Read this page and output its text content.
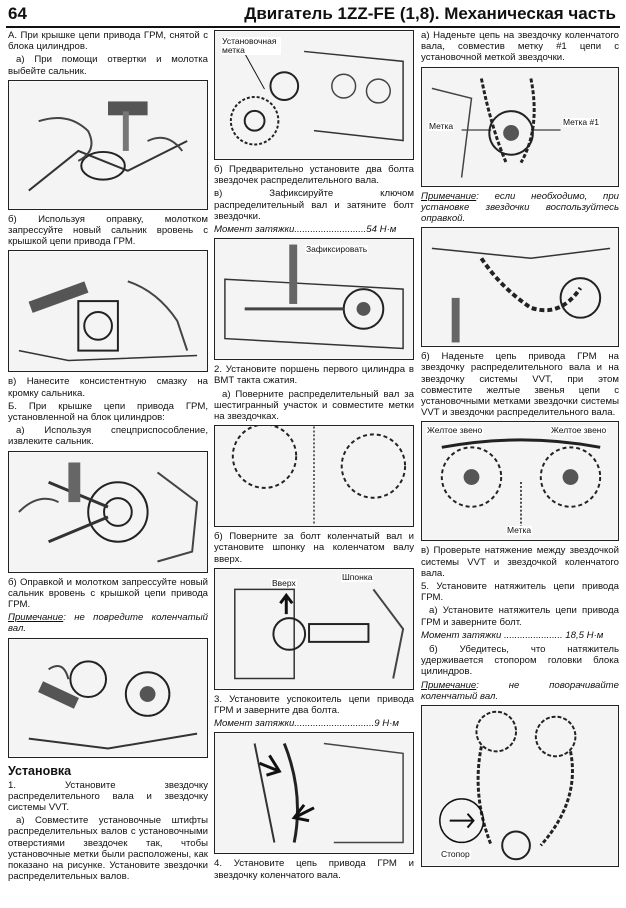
64	Двигатель 1ZZ-FE (1,8). Механическая часть

А. При крышке цепи привода ГРМ, снятой с блока цилиндров.

а) При помощи отвертки и молотка выбейте сальник.

б) Используя оправку, молотком запрессуйте новый сальник вровень с крышкой цепи привода ГРМ.

в) Нанесите консистентную смазку на кромку сальника.

Б. При крышке цепи привода ГРМ, установленной на блок цилиндров:

а) Используя спецприспособление, извлеките сальник.

б) Оправкой и молотком запрессуйте новый сальник вровень с крышкой цепи привода ГРМ.

Примечание: не повредите коленчатый вал.

Установка

1. Установите звездочку распределительного вала и звездочку системы VVT.

а) Совместите установочные штифты распределительных валов с установочными отверстиями звездочек так, чтобы установочные метки были расположены, как показано на рисунке. Установите звездочки распределительных валов.

Установочная метка

б) Предварительно установите два болта звездочек распределительного вала.

в) Зафиксируйте ключом распределительный вал и затяните болт звездочки.

Момент затяжки...........................54 Н·м

Зафиксировать

2. Установите поршень первого цилиндра в ВМТ такта сжатия.

а) Поверните распределительный вал за шестигранный участок и совместите метки на звездочках.

б) Поверните за болт коленчатый вал и установите шпонку на коленчатом валу вверх.

Вверх
Шпонка

3. Установите успокоитель цепи привода ГРМ и заверните два болта.

Момент затяжки..............................9 Н·м

4. Установите цепь привода ГРМ и звездочку коленчатого вала.

а) Наденьте цепь на звездочку коленчатого вала, совместив метку #1 цепи с установочной меткой звездочки.

Метка	Метка #1

Примечание: если необходимо, при установке звездочки воспользуйтесь оправкой.

б) Наденьте цепь привода ГРМ на звездочку распределительного вала и на звездочку системы VVT, при этом совместите желтые звенья цепи с установочными метками звездочки системы VVT и звездочки распределительного вала.

Желтое звено	Желтое звено
Метка

в) Проверьте натяжение между звездочкой системы VVT и звездочкой коленчатого вала.

5. Установите натяжитель цепи привода ГРМ.

а) Установите натяжитель цепи привода ГРМ и заверните болт.

Момент затяжки ...................... 18,5 Н·м

б) Убедитесь, что натяжитель удерживается стопором головки блока цилиндров.

Примечание: не поворачивайте коленчатый вал.

Стопор
